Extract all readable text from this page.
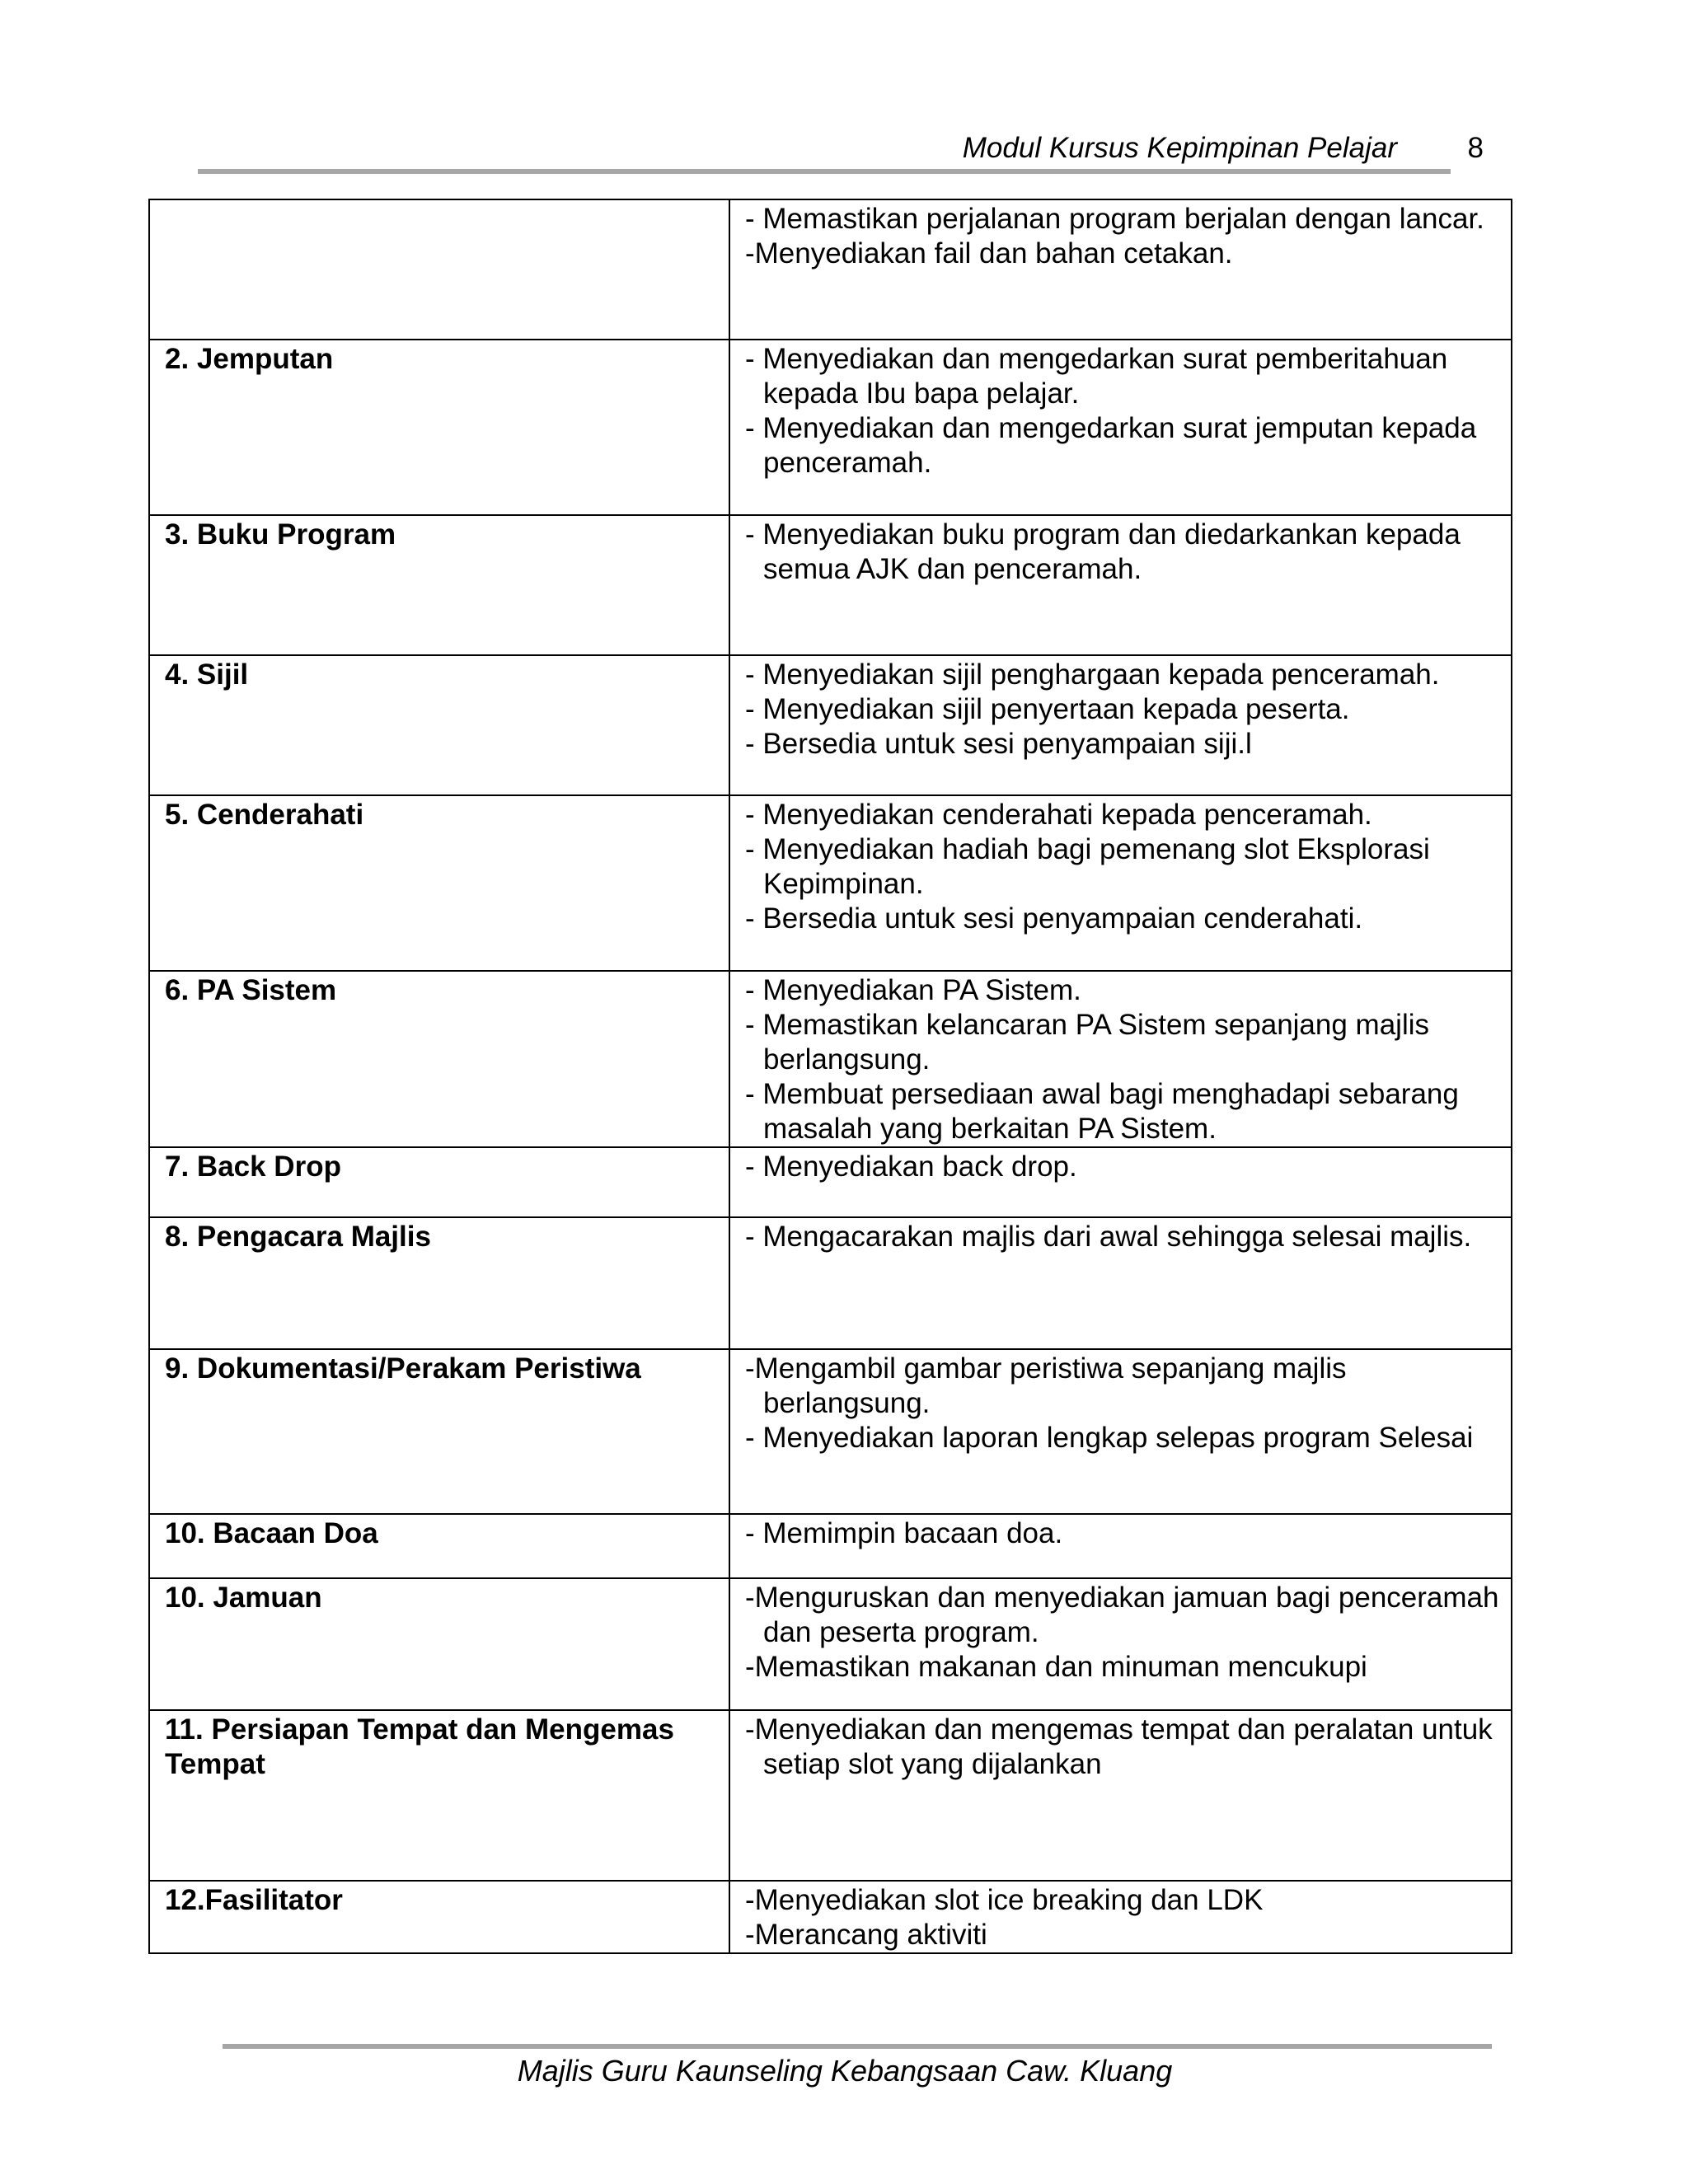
Modul Kursus Kepimpinan Pelajar 8

	- Memastikan perjalanan program berjalan dengan lancar.

-Menyediakan fail dan bahan cetakan.

2. Jemputan	- Menyediakan dan mengedarkan surat pemberitahuan kepada Ibu bapa pelajar.

- Menyediakan dan mengedarkan surat jemputan kepada penceramah.

3. Buku Program	- Menyediakan buku program dan diedarkankan kepada semua AJK dan penceramah.

4. Sijil	- Menyediakan sijil penghargaan kepada penceramah.

- Menyediakan sijil penyertaan kepada peserta.

- Bersedia untuk sesi penyampaian siji.l

5. Cenderahati	- Menyediakan cenderahati kepada penceramah.

- Menyediakan hadiah bagi pemenang slot Eksplorasi Kepimpinan.

- Bersedia untuk sesi penyampaian cenderahati.

6. PA Sistem	- Menyediakan PA Sistem.

- Memastikan kelancaran PA Sistem sepanjang majlis berlangsung.

- Membuat persediaan awal bagi menghadapi sebarang masalah yang berkaitan PA Sistem.

7. Back Drop	- Menyediakan back drop.

8. Pengacara Majlis	- Mengacarakan majlis dari awal sehingga selesai majlis.

9. Dokumentasi/Perakam Peristiwa	-Mengambil gambar peristiwa sepanjang majlis berlangsung.

- Menyediakan laporan lengkap selepas program Selesai

10. Bacaan Doa	- Memimpin bacaan doa.

10. Jamuan	-Menguruskan dan menyediakan jamuan bagi penceramah dan peserta program.

-Memastikan makanan dan minuman mencukupi

11. Persiapan Tempat dan Mengemas Tempat	-Menyediakan dan mengemas tempat dan peralatan untuk setiap slot yang dijalankan

12.Fasilitator	-Menyediakan slot ice breaking dan LDK

-Merancang aktiviti

Majlis Guru Kaunseling Kebangsaan Caw. Kluang
